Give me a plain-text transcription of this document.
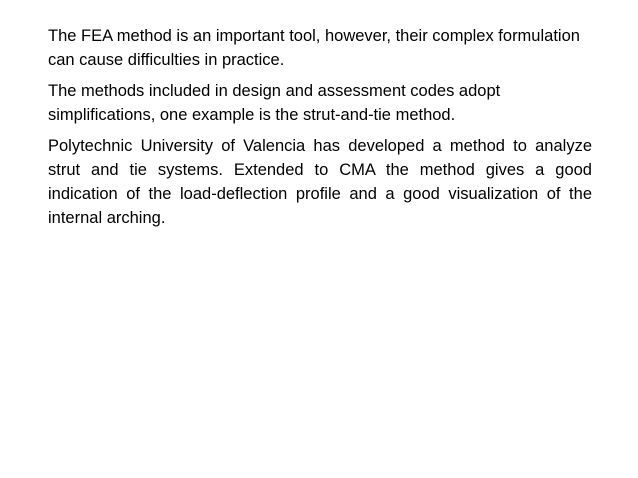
The FEA method is an important tool, however, their complex formulation can cause difficulties in practice.

The methods included in design and assessment codes adopt simplifications, one example is the strut-and-tie method.

Polytechnic University of Valencia has developed a method to analyze strut and tie systems. Extended to CMA the method gives a good indication of the load-deflection profile and a good visualization of the internal arching.
